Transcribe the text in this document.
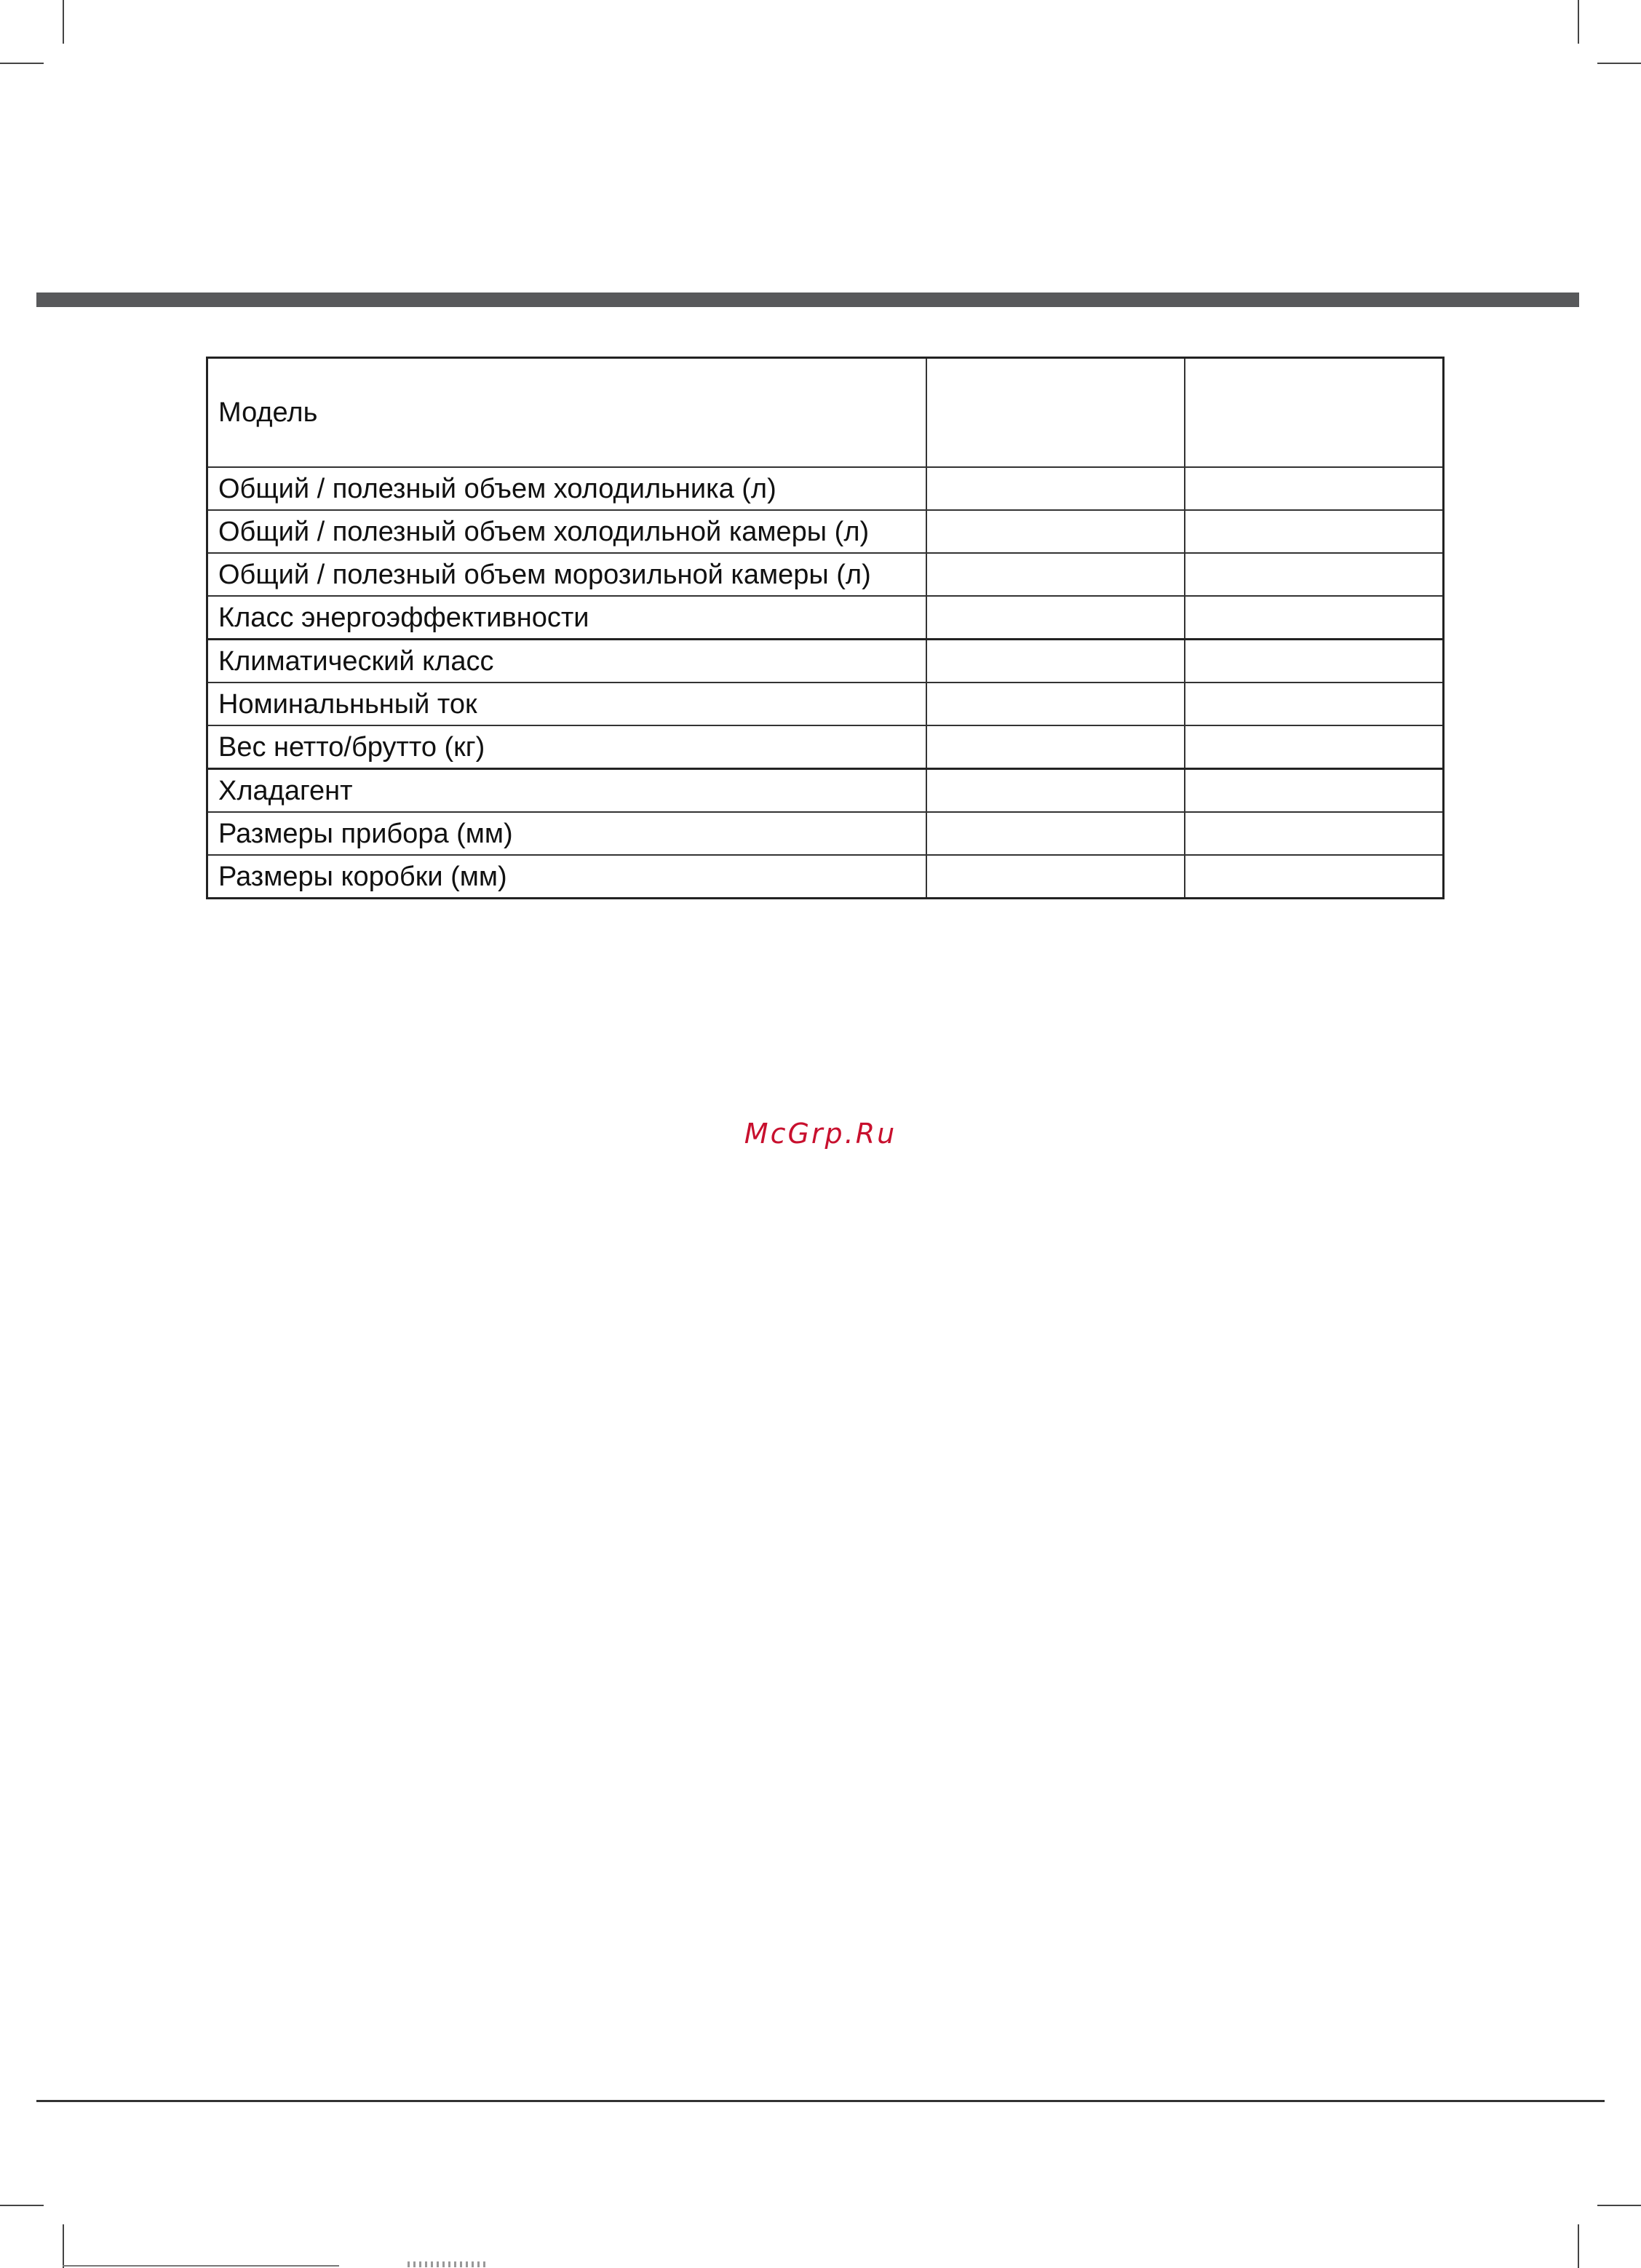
Модель		
Общий / полезный объем холодильника (л)		
Общий / полезный объем холодильной камеры (л)		
Общий / полезный объем морозильной камеры (л)		
Класс энергоэффективности		
Климатический класс		
Номинальньный ток		
Вес нетто/брутто (кг)		
Хладагент		
Размеры прибора (мм)		
Размеры коробки (мм)		
McGrp.Ru
